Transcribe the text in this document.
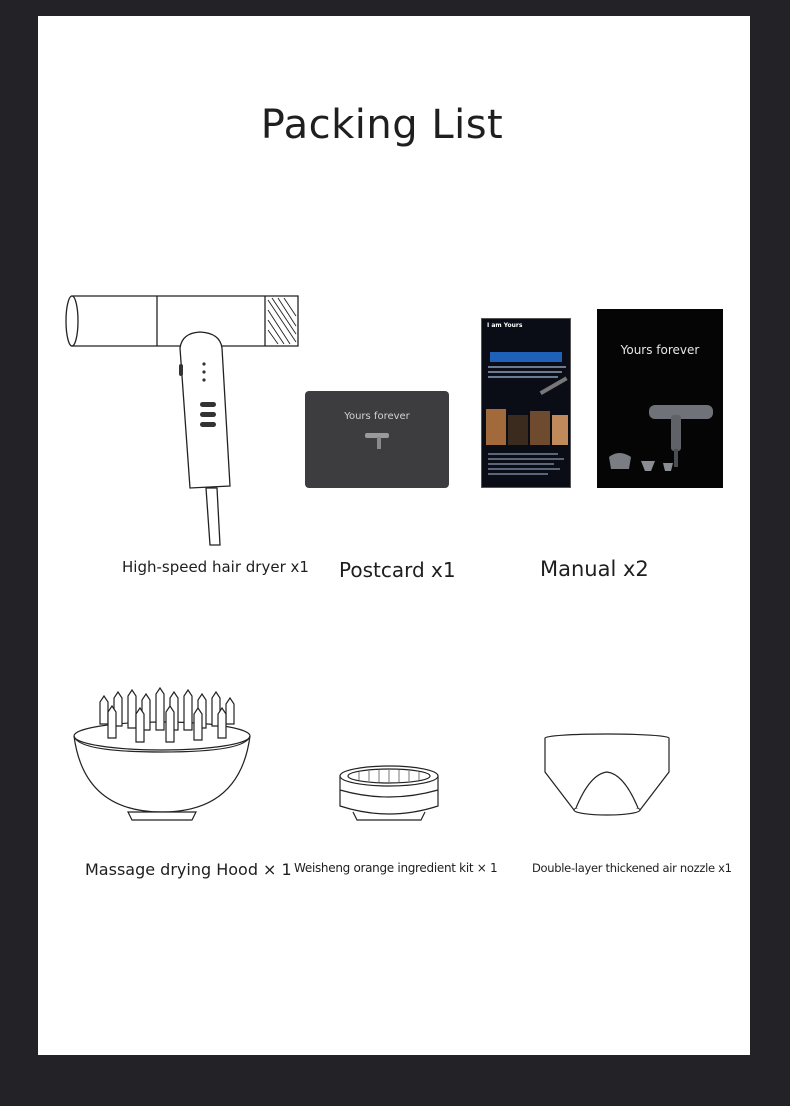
Packing List
Yours forever
I am Yours
Yours forever
High-speed hair dryer x1 Postcard x1	Manual x2
Massage drying Hood × 1 Weisheng orange ingredient kit × 1	Double-layer thickened air nozzle x1
